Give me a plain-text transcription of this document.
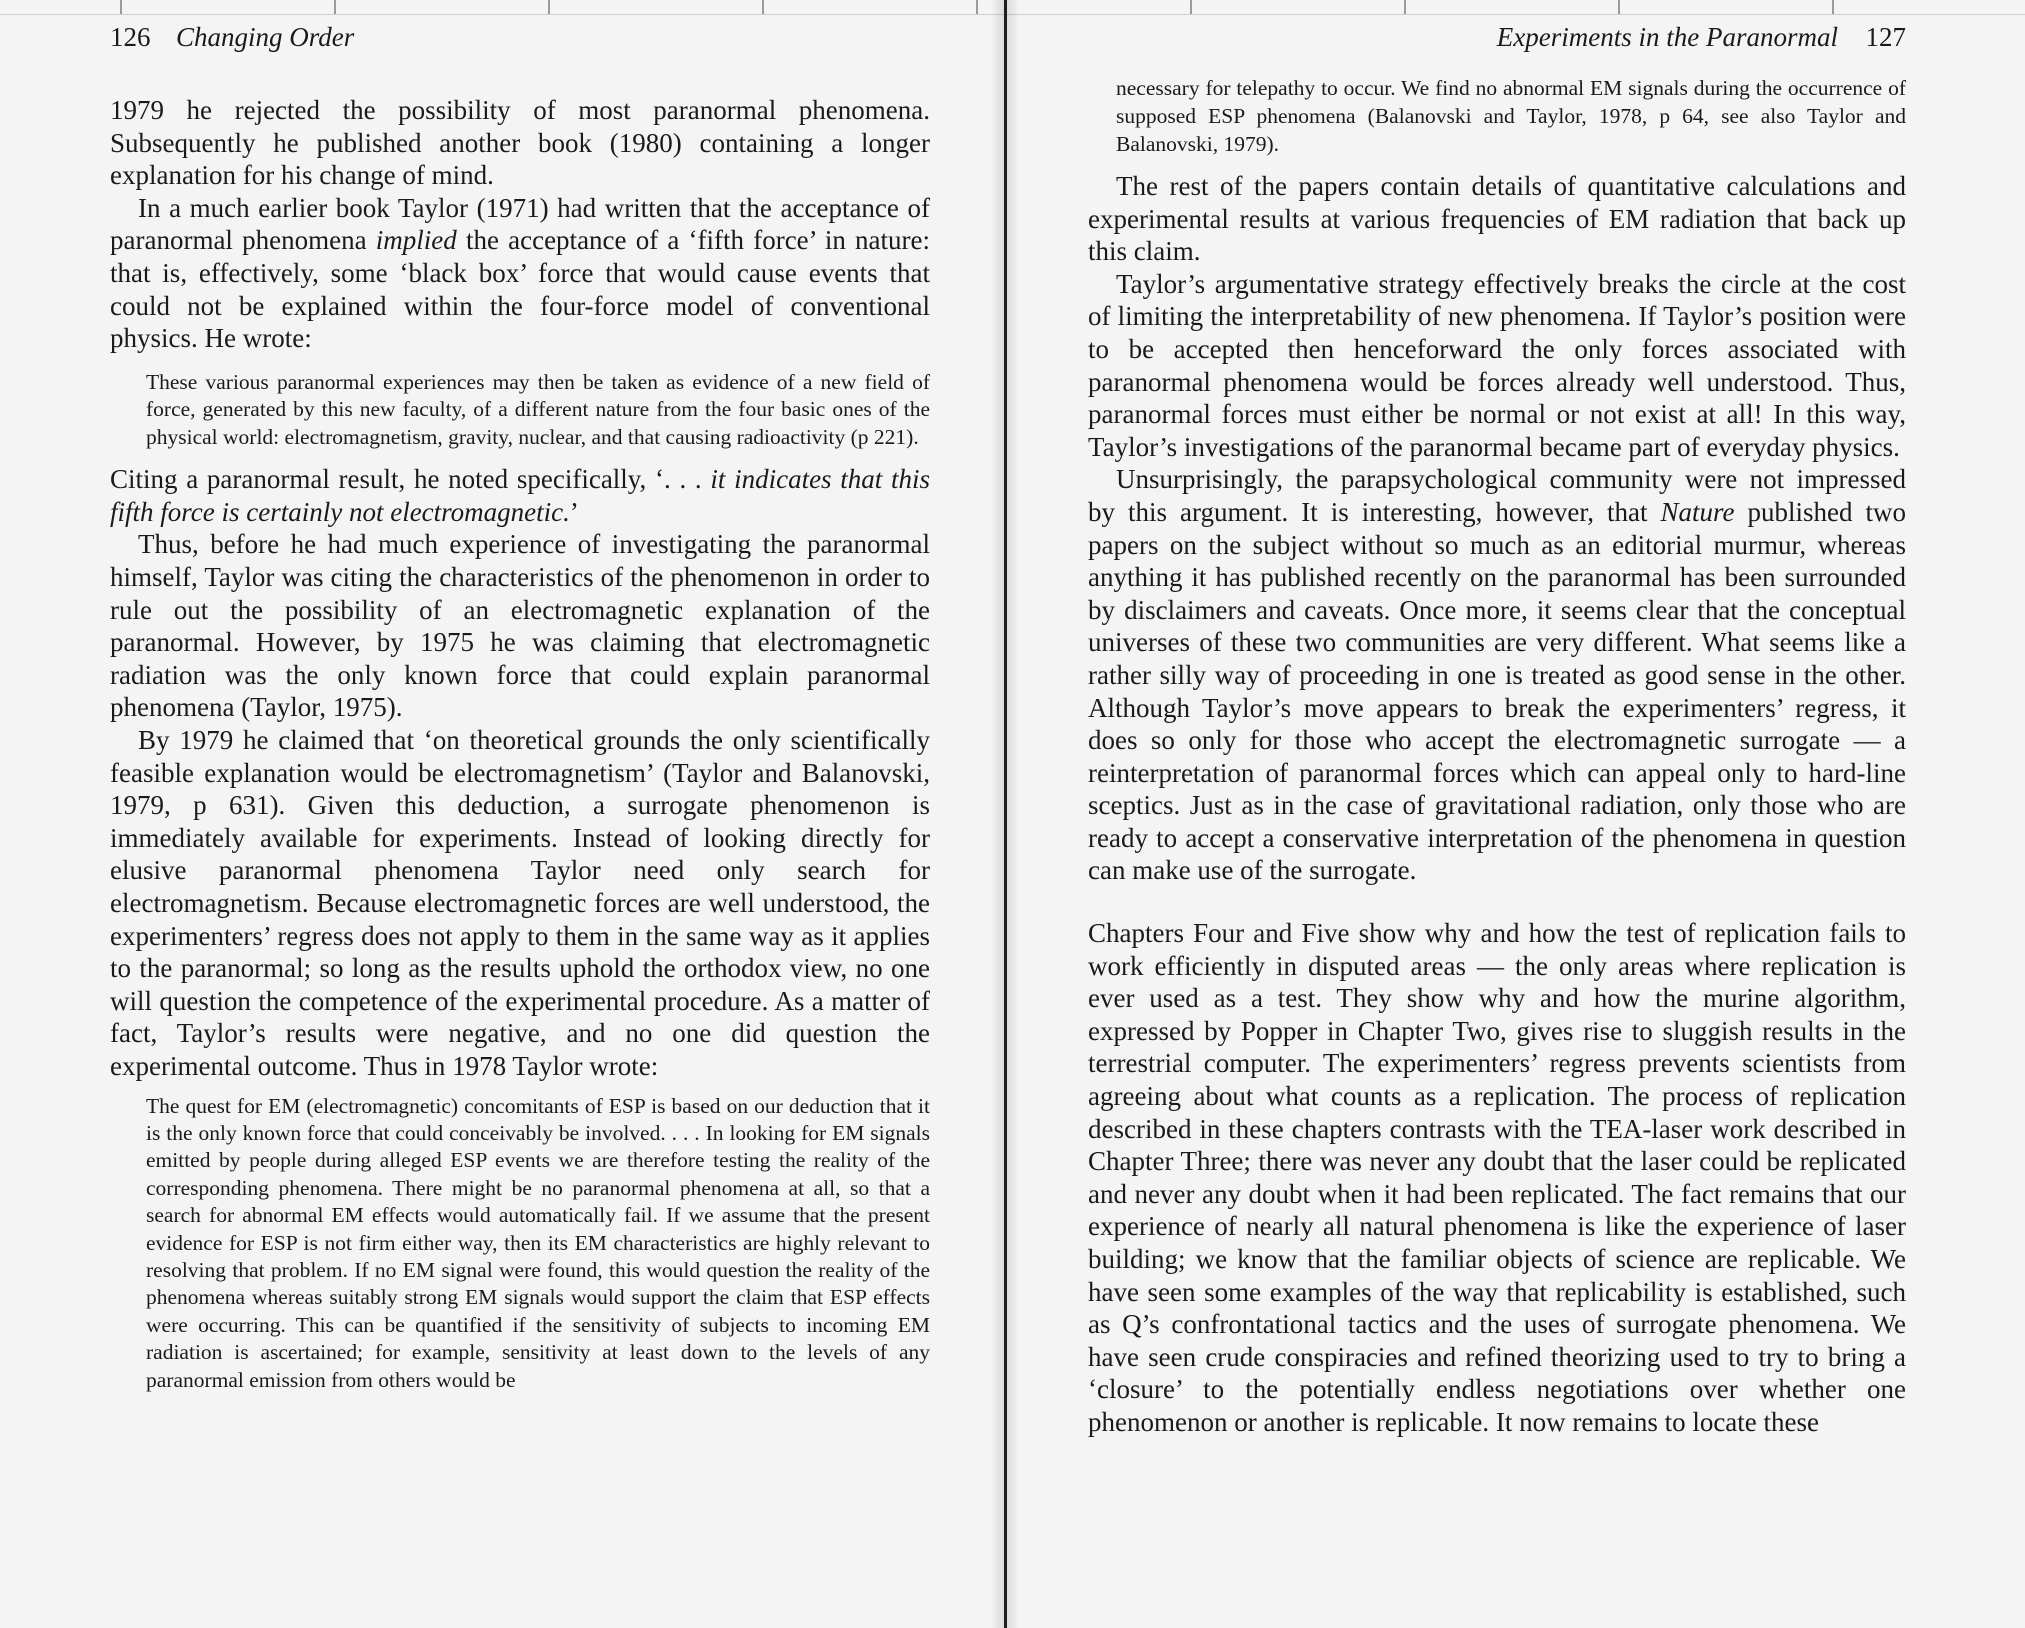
126 Changing Order

1979 he rejected the possibility of most paranormal phenomena. Subsequently he published another book (1980) containing a longer explanation for his change of mind.

In a much earlier book Taylor (1971) had written that the acceptance of paranormal phenomena implied the acceptance of a ‘fifth force’ in nature: that is, effectively, some ‘black box’ force that would cause events that could not be explained within the four-force model of conventional physics. He wrote:

These various paranormal experiences may then be taken as evidence of a new field of force, generated by this new faculty, of a different nature from the four basic ones of the physical world: electromagnetism, gravity, nuclear, and that causing radioactivity (p 221).

Citing a paranormal result, he noted specifically, ‘. . . it indicates that this fifth force is certainly not electromagnetic.’

Thus, before he had much experience of investigating the paranormal himself, Taylor was citing the characteristics of the phenomenon in order to rule out the possibility of an electromagnetic explanation of the paranormal. However, by 1975 he was claiming that electromagnetic radiation was the only known force that could explain paranormal phenomena (Taylor, 1975).

By 1979 he claimed that ‘on theoretical grounds the only scientifically feasible explanation would be electromagnetism’ (Taylor and Balanovski, 1979, p 631). Given this deduction, a surrogate phenomenon is immediately available for experiments. Instead of looking directly for elusive paranormal phenomena Taylor need only search for electromagnetism. Because electromagnetic forces are well understood, the experimenters’ regress does not apply to them in the same way as it applies to the paranormal; so long as the results uphold the orthodox view, no one will question the competence of the experimental procedure. As a matter of fact, Taylor’s results were negative, and no one did question the experimental outcome. Thus in 1978 Taylor wrote:

The quest for EM (electromagnetic) concomitants of ESP is based on our deduction that it is the only known force that could conceivably be involved. . . . In looking for EM signals emitted by people during alleged ESP events we are therefore testing the reality of the corresponding phenomena. There might be no paranormal phenomena at all, so that a search for abnormal EM effects would automatically fail. If we assume that the present evidence for ESP is not firm either way, then its EM characteristics are highly relevant to resolving that problem. If no EM signal were found, this would question the reality of the phenomena whereas suitably strong EM signals would support the claim that ESP effects were occurring. This can be quantified if the sensitivity of subjects to incoming EM radiation is ascertained; for example, sensitivity at least down to the levels of any paranormal emission from others would be
Experiments in the Paranormal 127
necessary for telepathy to occur. We find no abnormal EM signals during the occurrence of supposed ESP phenomena (Balanovski and Taylor, 1978, p 64, see also Taylor and Balanovski, 1979).

The rest of the papers contain details of quantitative calculations and experimental results at various frequencies of EM radiation that back up this claim.

Taylor’s argumentative strategy effectively breaks the circle at the cost of limiting the interpretability of new phenomena. If Taylor’s position were to be accepted then henceforward the only forces associated with paranormal phenomena would be forces already well understood. Thus, paranormal forces must either be normal or not exist at all! In this way, Taylor’s investigations of the paranormal became part of everyday physics.

Unsurprisingly, the parapsychological community were not impressed by this argument. It is interesting, however, that Nature published two papers on the subject without so much as an editorial murmur, whereas anything it has published recently on the paranormal has been surrounded by disclaimers and caveats. Once more, it seems clear that the conceptual universes of these two communities are very different. What seems like a rather silly way of proceeding in one is treated as good sense in the other. Although Taylor’s move appears to break the experimenters’ regress, it does so only for those who accept the electromagnetic surrogate — a reinterpretation of paranormal forces which can appeal only to hard-line sceptics. Just as in the case of gravitational radiation, only those who are ready to accept a conservative interpretation of the phenomena in question can make use of the surrogate.

Chapters Four and Five show why and how the test of replication fails to work efficiently in disputed areas — the only areas where replication is ever used as a test. They show why and how the murine algorithm, expressed by Popper in Chapter Two, gives rise to sluggish results in the terrestrial computer. The experimenters’ regress prevents scientists from agreeing about what counts as a replication. The process of replication described in these chapters contrasts with the TEA-laser work described in Chapter Three; there was never any doubt that the laser could be replicated and never any doubt when it had been replicated. The fact remains that our experience of nearly all natural phenomena is like the experience of laser building; we know that the familiar objects of science are replicable. We have seen some examples of the way that replicability is established, such as Q’s confrontational tactics and the uses of surrogate phenomena. We have seen crude conspiracies and refined theorizing used to try to bring a ‘closure’ to the potentially endless negotiations over whether one phenomenon or another is replicable. It now remains to locate these
